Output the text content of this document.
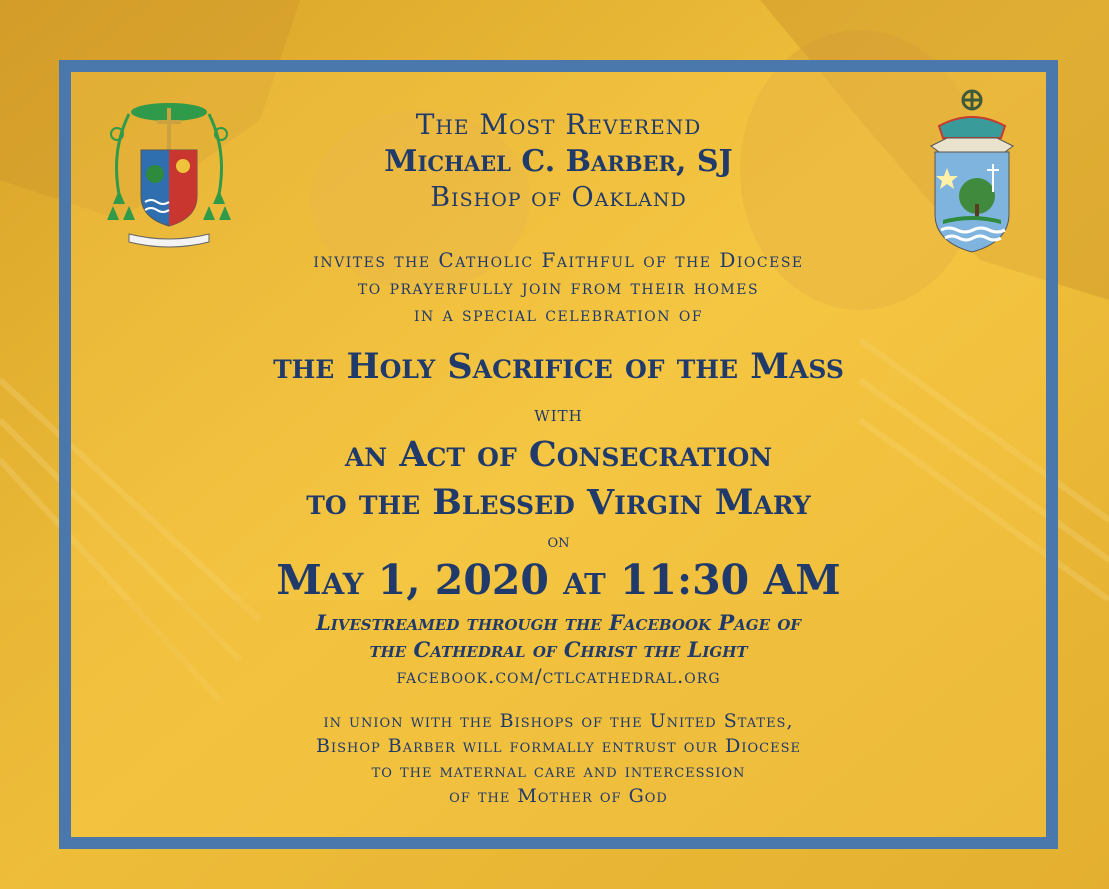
The Most Reverend

Michael C. Barber, SJ

Bishop of Oakland

invites the Catholic Faithful of the Diocese

to prayerfully join from their homes

in a special celebration of

the Holy Sacrifice of the Mass

with

an Act of Consecration

to the Blessed Virgin Mary

on

May 1, 2020 at 11:30 AM

Livestreamed through the Facebook Page of

the Cathedral of Christ the Light

facebook.com/ctlcathedral.org

in union with the Bishops of the United States,

Bishop Barber will formally entrust our Diocese

to the maternal care and intercession

of the Mother of God
